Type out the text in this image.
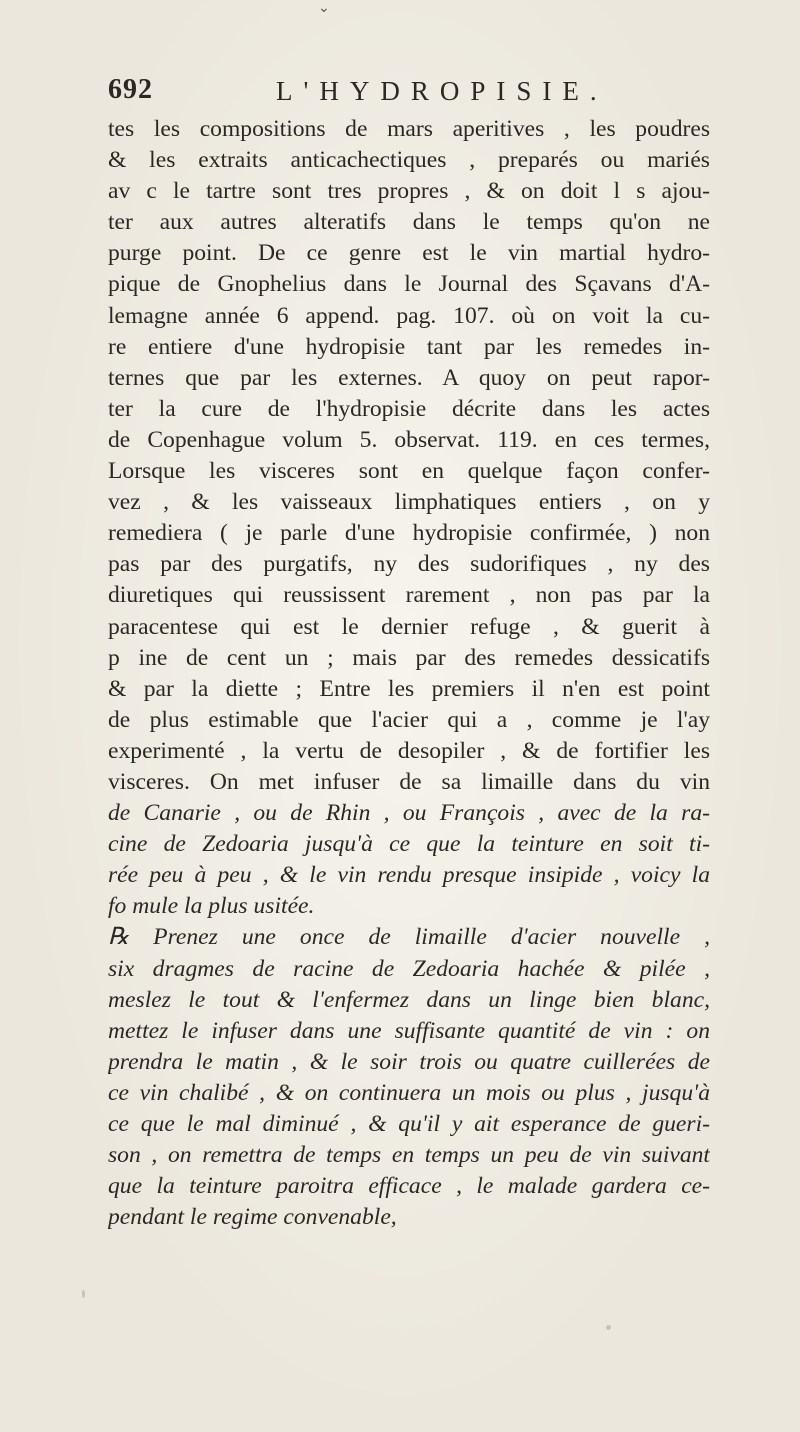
⌄
692	L'HYDROPISIE.
tes les compositions de mars aperitives , les poudres
& les extraits anticachectiques , preparés ou mariés
av c le tartre sont tres propres , & on doit l s ajou-
ter aux autres alteratifs dans le temps qu'on ne
purge point. De ce genre est le vin martial hydro-
pique de Gnophelius dans le Journal des Sçavans d'A-
lemagne année 6 append. pag. 107. où on voit la cu-
re entiere d'une hydropisie tant par les remedes in-
ternes que par les externes. A quoy on peut rapor-
ter la cure de l'hydropisie décrite dans les actes
de Copenhague volum 5. observat. 119. en ces termes,
Lorsque les visceres sont en quelque façon confer-
vez , & les vaisseaux limphatiques entiers , on y
remediera ( je parle d'une hydropisie confirmée, ) non
pas par des purgatifs, ny des sudorifiques , ny des
diuretiques qui reussissent rarement , non pas par la
paracentese qui est le dernier refuge , & guerit à
p ine de cent un ; mais par des remedes dessicatifs
& par la diette ; Entre les premiers il n'en est point
de plus estimable que l'acier qui a , comme je l'ay
experimenté , la vertu de desopiler , & de fortifier les
visceres. On met infuser de sa limaille dans du vin
de Canarie , ou de Rhin , ou François , avec de la ra-
cine de Zedoaria jusqu'à ce que la teinture en soit ti-
rée peu à peu , & le vin rendu presque insipide , voicy la
fo mule la plus usitée.
℞ Prenez une once de limaille d'acier nouvelle ,
six dragmes de racine de Zedoaria hachée & pilée ,
meslez le tout & l'enfermez dans un linge bien blanc,
mettez le infuser dans une suffisante quantité de vin : on
prendra le matin , & le soir trois ou quatre cuillerées de
ce vin chalibé , & on continuera un mois ou plus , jusqu'à
ce que le mal diminué , & qu'il y ait esperance de gueri-
son , on remettra de temps en temps un peu de vin suivant
que la teinture paroitra efficace , le malade gardera ce-
pendant le regime convenable,
